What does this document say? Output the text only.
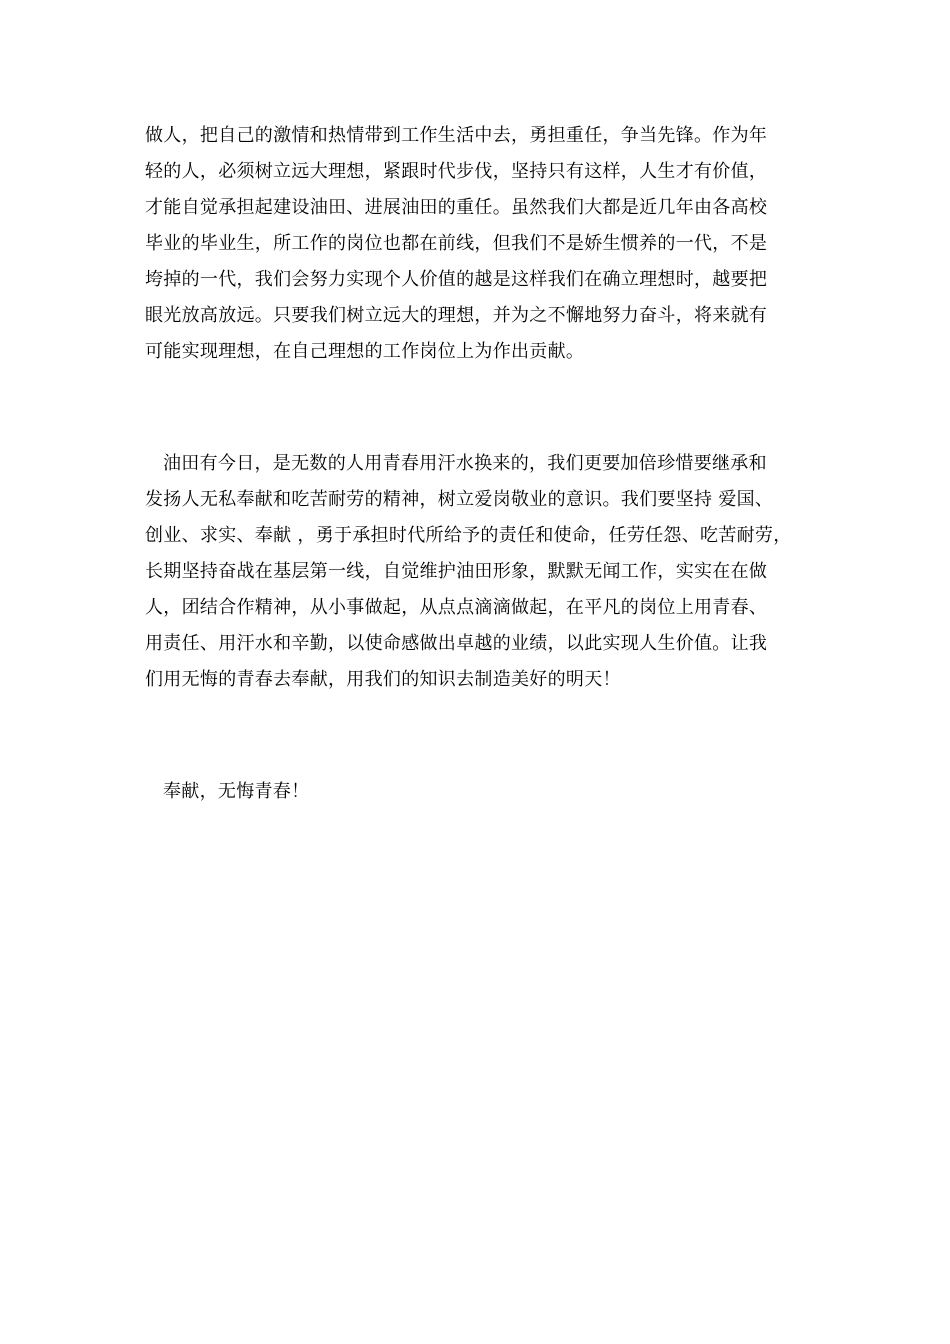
做人，把自己的激情和热情带到工作生活中去，勇担重任，争当先锋。作为年
轻的人，必须树立远大理想，紧跟时代步伐，坚持只有这样，人生才有价值，
才能自觉承担起建设油田、进展油田的重任。虽然我们大都是近几年由各高校
毕业的毕业生，所工作的岗位也都在前线，但我们不是娇生惯养的一代，不是
垮掉的一代，我们会努力实现个人价值的越是这样我们在确立理想时，越要把
眼光放高放远。只要我们树立远大的理想，并为之不懈地努力奋斗，将来就有
可能实现理想，在自己理想的工作岗位上为作出贡献。
油田有今日，是无数的人用青春用汗水换来的，我们更要加倍珍惜要继承和
发扬人无私奉献和吃苦耐劳的精神，树立爱岗敬业的意识。我们要坚持 爱国、
创业、求实、奉献 ，勇于承担时代所给予的责任和使命，任劳任怨、吃苦耐劳，
长期坚持奋战在基层第一线，自觉维护油田形象，默默无闻工作，实实在在做
人，团结合作精神，从小事做起，从点点滴滴做起，在平凡的岗位上用青春、
用责任、用汗水和辛勤，以使命感做出卓越的业绩，以此实现人生价值。让我
们用无悔的青春去奉献，用我们的知识去制造美好的明天！
奉献，无悔青春！
